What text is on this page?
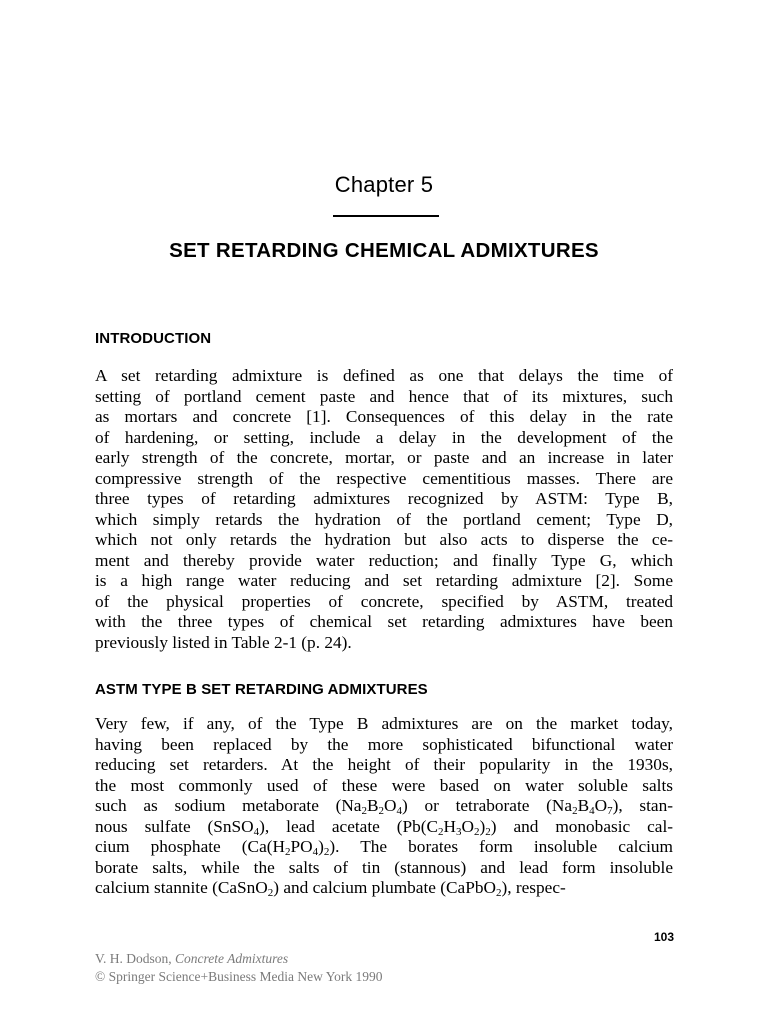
Chapter 5
SET RETARDING CHEMICAL ADMIXTURES
INTRODUCTION
A set retarding admixture is defined as one that delays the time of
setting of portland cement paste and hence that of its mixtures, such
as mortars and concrete [1]. Consequences of this delay in the rate
of hardening, or setting, include a delay in the development of the
early strength of the concrete, mortar, or paste and an increase in later
compressive strength of the respective cementitious masses. There are
three types of retarding admixtures recognized by ASTM: Type B,
which simply retards the hydration of the portland cement; Type D,
which not only retards the hydration but also acts to disperse the ce-
ment and thereby provide water reduction; and finally Type G, which
is a high range water reducing and set retarding admixture [2]. Some
of the physical properties of concrete, specified by ASTM, treated
with the three types of chemical set retarding admixtures have been
previously listed in Table 2-1 (p. 24).
ASTM TYPE B SET RETARDING ADMIXTURES
Very few, if any, of the Type B admixtures are on the market today,
having been replaced by the more sophisticated bifunctional water
reducing set retarders. At the height of their popularity in the 1930s,
the most commonly used of these were based on water soluble salts
such as sodium metaborate $(Na_2B_2O_4)$ or tetraborate $(Na_2B_4O_7)$, stan-
nous sulfate (SnSO$_4$), lead acetate $(Pb(C_2H_3O_2)_2)$ and monobasic cal-
cium phosphate $(Ca(H_2PO_4)_2)$. The borates form insoluble calcium
borate salts, while the salts of tin (stannous) and lead form insoluble
calcium stannite (CaSnO$_2$) and calcium plumbate (CaPbO$_2$), respec-
103
V. H. Dodson, Concrete Admixtures
© Springer Science+Business Media New York 1990
